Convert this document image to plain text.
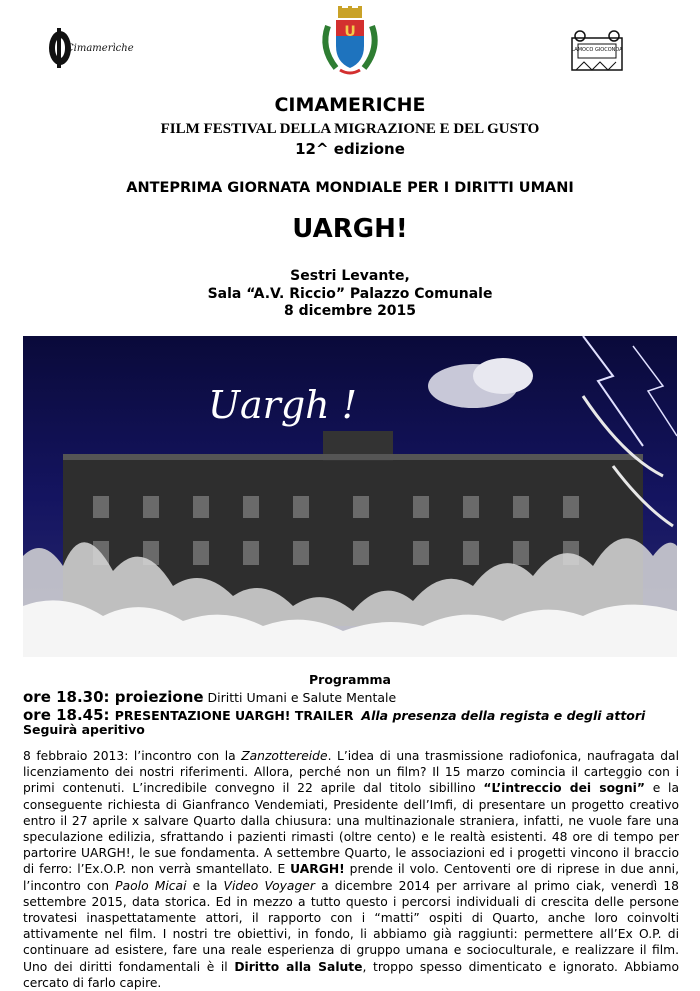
Cimamerìche
U
LAMOCO GIOCONDA
CIMAMERICHE
FILM FESTIVAL DELLA MIGRAZIONE E DEL GUSTO
12^ edizione
ANTEPRIMA GIORNATA MONDIALE PER I DIRITTI UMANI
UARGH!
Sestri Levante,
Sala “A.V. Riccio” Palazzo Comunale
8 dicembre 2015
Uargh !
Programma
ore 18.30: proiezione Diritti Umani e Salute Mentale
ore 18.45: PRESENTAZIONE UARGH! TRAILER Alla presenza della regista e degli attori
Seguirà aperitivo
8 febbraio 2013: l’incontro con la Zanzottereide. L’idea di una trasmissione radiofonica, naufragata dal licenziamento dei nostri riferimenti. Allora, perché non un film? Il 15 marzo comincia il carteggio con i primi contenuti. L’incredibile convegno il 22 aprile dal titolo sibillino “L’intreccio dei sogni” e la conseguente richiesta di Gianfranco Vendemiati, Presidente dell’Imfi, di presentare un progetto creativo entro il 27 aprile x salvare Quarto dalla chiusura: una multinazionale straniera, infatti, ne vuole fare una speculazione edilizia, sfrattando i pazienti rimasti (oltre cento) e le realtà esistenti. 48 ore di tempo per partorire UARGH!, le sue fondamenta. A settembre Quarto, le associazioni ed i progetti vincono il braccio di ferro: l’Ex.O.P. non verrà smantellato. E UARGH! prende il volo. Centoventi ore di riprese in due anni, l’incontro con Paolo Micai e la Video Voyager a dicembre 2014 per arrivare al primo ciak, venerdì 18 settembre 2015, data storica. Ed in mezzo a tutto questo i percorsi individuali di crescita delle persone trovatesi inaspettatamente attori, il rapporto con i “matti” ospiti di Quarto, anche loro coinvolti attivamente nel film. I nostri tre obiettivi, in fondo, li abbiamo già raggiunti: permettere all’Ex O.P. di continuare ad esistere, fare una reale esperienza di gruppo umana e socioculturale, e realizzare il film. Uno dei diritti fondamentali è il Diritto alla Salute, troppo spesso dimenticato e ignorato. Abbiamo cercato di farlo capire.
